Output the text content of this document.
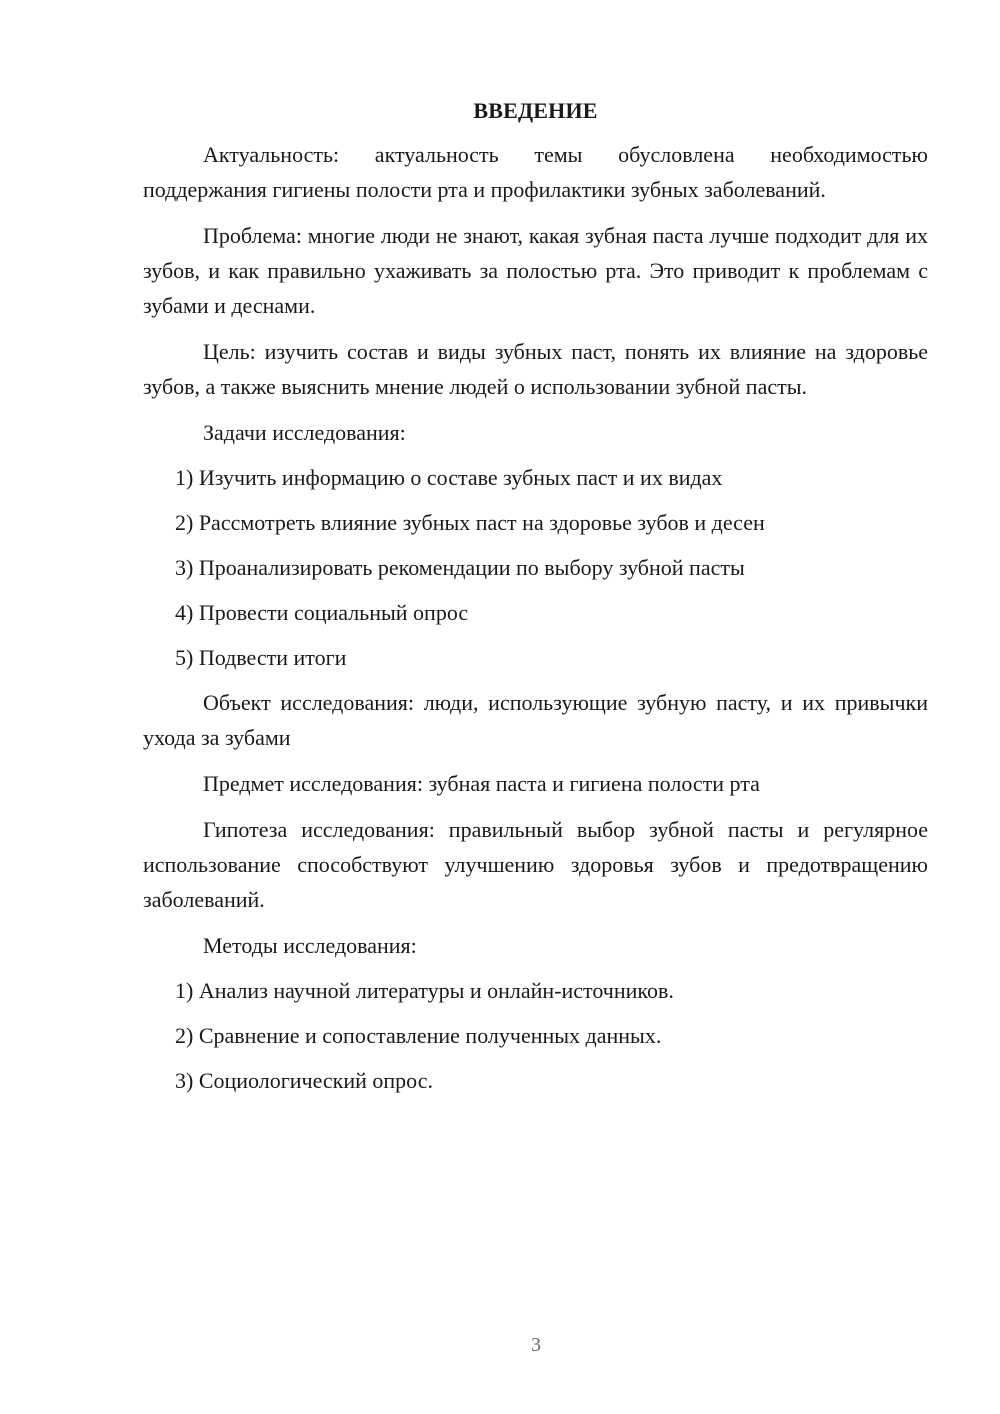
ВВЕДЕНИЕ

Актуальность: актуальность темы обусловлена необходимостью поддержания гигиены полости рта и профилактики зубных заболеваний.

Проблема: многие люди не знают, какая зубная паста лучше подходит для их зубов, и как правильно ухаживать за полостью рта. Это приводит к проблемам с зубами и деснами.

Цель: изучить состав и виды зубных паст, понять их влияние на здоровье зубов, а также выяснить мнение людей о использовании зубной пасты.

Задачи исследования:
1) Изучить информацию о составе зубных паст и их видах
2) Рассмотреть влияние зубных паст на здоровье зубов и десен
3) Проанализировать рекомендации по выбору зубной пасты
4) Провести социальный опрос
5) Подвести итоги

Объект исследования: люди, использующие зубную пасту, и их привычки ухода за зубами

Предмет исследования: зубная паста и гигиена полости рта

Гипотеза исследования: правильный выбор зубной пасты и регулярное использование способствуют улучшению здоровья зубов и предотвращению заболеваний.

Методы исследования:
1) Анализ научной литературы и онлайн-источников.
2) Сравнение и сопоставление полученных данных.
3) Социологический опрос.
3
